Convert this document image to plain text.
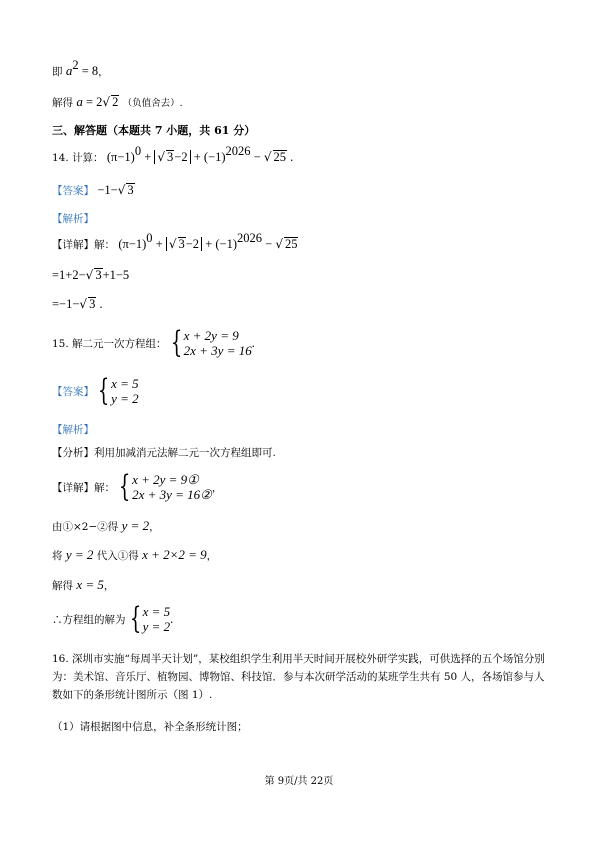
即 $a^2 = 8$，
解得 a = 2√ 2 （负值舍去）.
三、解答题（本题共 7 小题，共 61 分）
14. 计算： $(\pi-1)^0$ + √ $3-2 + (-1)^{2026}$ − √ 25 .
【答案】 −1−√ 3
【解析】
【详解】解： $(\pi-1)^0$ + √ $3-2 + (-1)^{2026}$ − √ 25
=1+2−√ 3+1−5
=−1−√ 3 .
15. 解二元一次方程组： { x + 2y = 9
2x + 3y = 16
.
【答案】 { x = 5
y = 2
【解析】
【分析】利用加减消元法解二元一次方程组即可.
【详解】 解： { x + 2y = 9①
2x + 3y = 16② ，
由①×2−②得 y = 2，
将 y = 2 代入①得 x + 2×2 = 9，
解得 x = 5，
∴方程组的解为 { x = 5
y = 2
.
16. 深圳市实施“每周半天计划”，某校组织学生利用半天时间开展校外研学实践，可供选择的五个场馆分别为：美术馆、音乐厅、植物园、博物馆、科技馆．参与本次研学活动的某班学生共有 50 人，各场馆参与人数如下的条形统计图所示（图 1）.
（1）请根据图中信息，补全条形统计图；
第 9页/共 22页
